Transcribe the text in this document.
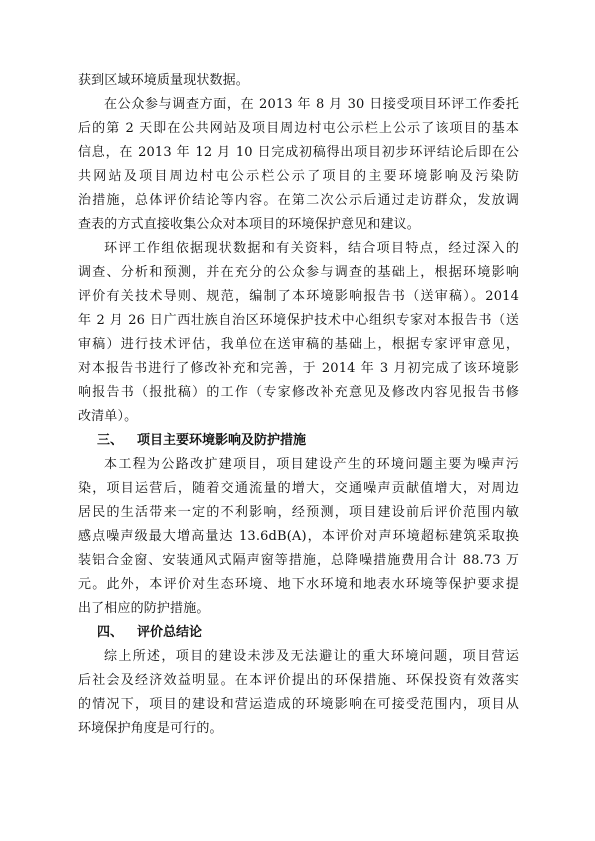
获到区域环境质量现状数据。
在公众参与调查方面，在 2013 年 8 月 30 日接受项目环评工作委托
后的第 2 天即在公共网站及项目周边村屯公示栏上公示了该项目的基本
信息，在 2013 年 12 月 10 日完成初稿得出项目初步环评结论后即在公
共网站及项目周边村屯公示栏公示了项目的主要环境影响及污染防
治措施，总体评价结论等内容。在第二次公示后通过走访群众，发放调
查表的方式直接收集公众对本项目的环境保护意见和建议。
环评工作组依据现状数据和有关资料，结合项目特点，经过深入的
调查、分析和预测，并在充分的公众参与调查的基础上，根据环境影响
评价有关技术导则、规范，编制了本环境影响报告书（送审稿）。2014
年 2 月 26 日广西壮族自治区环境保护技术中心组织专家对本报告书（送
审稿）进行技术评估，我单位在送审稿的基础上，根据专家评审意见，
对本报告书进行了修改补充和完善，于 2014 年 3 月初完成了该环境影
响报告书（报批稿）的工作（专家修改补充意见及修改内容见报告书修
改清单）。
三、 项目主要环境影响及防护措施
本工程为公路改扩建项目，项目建设产生的环境问题主要为噪声污
染，项目运营后，随着交通流量的增大，交通噪声贡献值增大，对周边
居民的生活带来一定的不利影响，经预测，项目建设前后评价范围内敏
感点噪声级最大增高量达 13.6dB(A)，本评价对声环境超标建筑采取换
装铝合金窗、安装通风式隔声窗等措施，总降噪措施费用合计 88.73 万
元。此外，本评价对生态环境、地下水环境和地表水环境等保护要求提
出了相应的防护措施。
四、 评价总结论
综上所述，项目的建设未涉及无法避让的重大环境问题，项目营运
后社会及经济效益明显。在本评价提出的环保措施、环保投资有效落实
的情况下，项目的建设和营运造成的环境影响在可接受范围内，项目从
环境保护角度是可行的。
